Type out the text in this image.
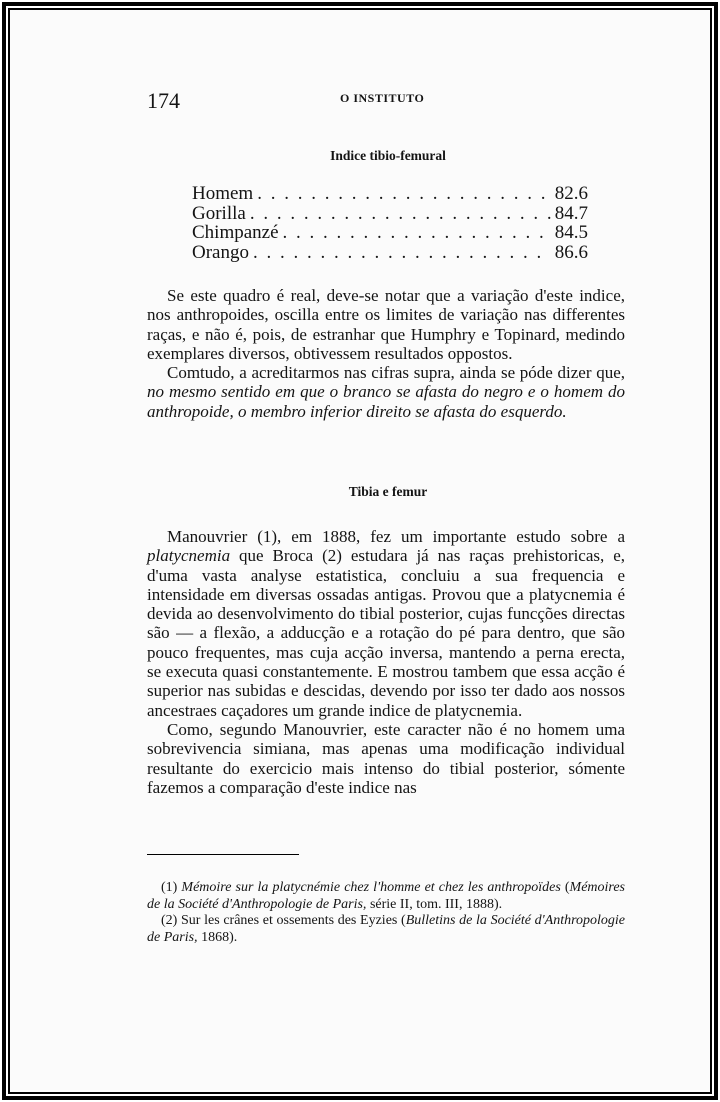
174	O INSTITUTO
Indice tibio-femural
Homem . . .	82.6
Gorilla . . .	84.7
Chimpanzé . . .	84.5
Orango . . .	86.6

Se este quadro é real, deve-se notar que a variação d'este indice, nos anthropoides, oscilla entre os limites de variação nas differentes raças, e não é, pois, de estranhar que Humphry e Topinard, medindo exemplares diversos, obtivessem resultados oppostos.

Comtudo, a acreditarmos nas cifras supra, ainda se póde dizer que, no mesmo sentido em que o branco se afasta do negro e o homem do anthropoide, o membro inferior direito se afasta do esquerdo.

Tibia e femur

Manouvrier (1), em 1888, fez um importante estudo sobre a platycnemia que Broca (2) estudara já nas raças prehistoricas, e, d'uma vasta analyse estatistica, concluiu a sua frequencia e intensidade em diversas ossadas antigas. Provou que a platycnemia é devida ao desenvolvimento do tibial posterior, cujas funcções directas são — a flexão, a adducção e a rotação do pé para dentro, que são pouco frequentes, mas cuja acção inversa, mantendo a perna erecta, se executa quasi constantemente. E mostrou tambem que essa acção é superior nas subidas e descidas, devendo por isso ter dado aos nossos ancestraes caçadores um grande indice de platycnemia.

Como, segundo Manouvrier, este caracter não é no homem uma sobrevivencia simiana, mas apenas uma modificação individual resultante do exercicio mais intenso do tibial posterior, sómente fazemos a comparação d'este indice nas

(1) Mémoire sur la platycnémie chez l'homme et chez les anthropoïdes (Mémoires de la Société d'Anthropologie de Paris, série II, tom. III, 1888).

(2) Sur les crânes et ossements des Eyzies (Bulletins de la Société d'Anthropologie de Paris, 1868).
